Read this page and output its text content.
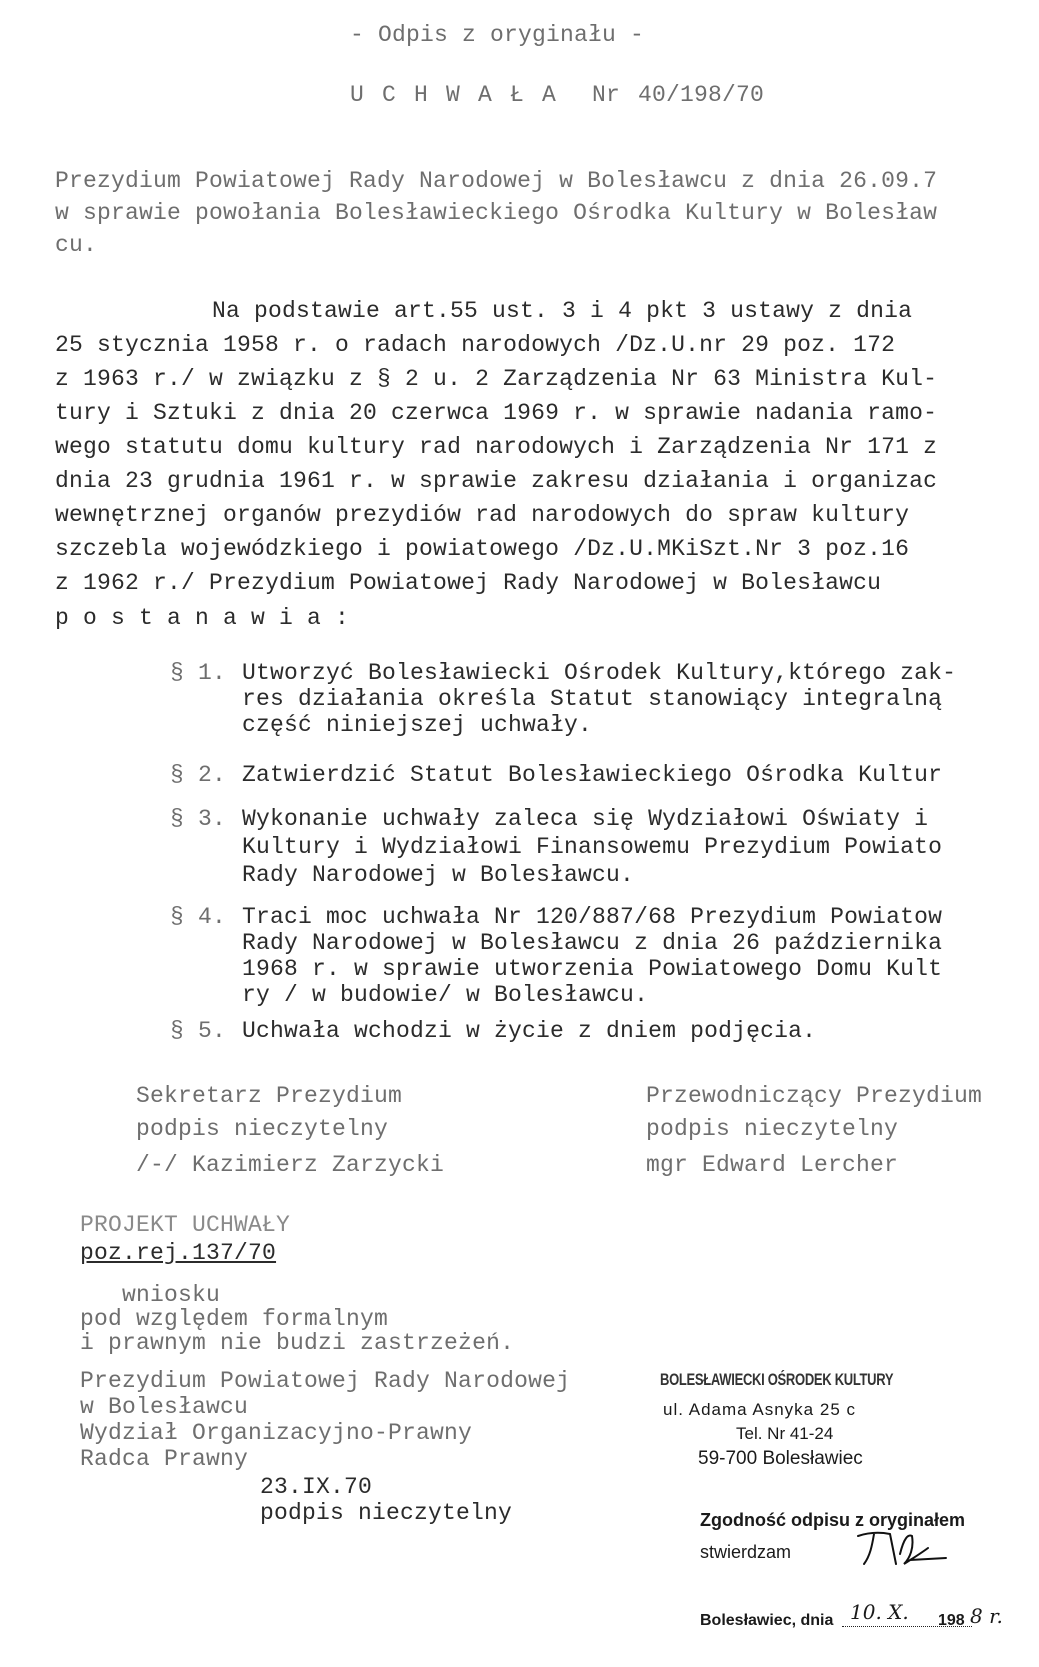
- Odpis z oryginału -
U C H W A Ł A  Nr 40/198/70
Prezydium Powiatowej Rady Narodowej w Bolesławcu z dnia 26.09.7
w sprawie powołania Bolesławieckiego Ośrodka Kultury w Bolesław
cu.
Na podstawie art.55 ust. 3 i 4 pkt 3 ustawy z dnia
25 stycznia 1958 r. o radach narodowych /Dz.U.nr 29 poz. 172
z 1963 r./ w związku z § 2 u. 2 Zarządzenia Nr 63 Ministra Kul-
tury i Sztuki z dnia 20 czerwca 1969 r. w sprawie nadania ramo-
wego statutu domu kultury rad narodowych i Zarządzenia Nr 171 z
dnia 23 grudnia 1961 r. w sprawie zakresu działania i organizac
wewnętrznej organów prezydiów rad narodowych do spraw kultury
szczebla wojewódzkiego i powiatowego /Dz.U.MKiSzt.Nr 3 poz.16
z 1962 r./ Prezydium Powiatowej Rady Narodowej w Bolesławcu
p o s t a n a w i a :
§ 1. Utworzyć Bolesławiecki Ośrodek Kultury,którego zak-
res działania określa Statut stanowiący integralną
część niniejszej uchwały.
§ 2. Zatwierdzić Statut Bolesławieckiego Ośrodka Kultur
§ 3. Wykonanie uchwały zaleca się Wydziałowi Oświaty i
Kultury i Wydziałowi Finansowemu Prezydium Powiato
Rady Narodowej w Bolesławcu.
§ 4. Traci moc uchwała Nr 120/887/68 Prezydium Powiatow
Rady Narodowej w Bolesławcu z dnia 26 października
1968 r. w sprawie utworzenia Powiatowego Domu Kult
ry / w budowie/ w Bolesławcu.
§ 5. Uchwała wchodzi w życie z dniem podjęcia.
Sekretarz Prezydium
podpis nieczytelny
/-/ Kazimierz Zarzycki
Przewodniczący Prezydium
podpis nieczytelny
mgr Edward Lercher
PROJEKT UCHWAŁY
poz.rej.137/70
wniosku
pod względem formalnym
i prawnym nie budzi zastrzeżeń.
Prezydium Powiatowej Rady Narodowej
w Bolesławcu
Wydział Organizacyjno-Prawny
Radca Prawny
23.IX.70
podpis nieczytelny
BOLESŁAWIECKI OŚRODEK KULTURY
ul. Adama Asnyka 25 c
Tel. Nr 41-24
59-700 Bolesławiec
Zgodność odpisu z oryginałem
stwierdzam
Bolesławiec, dnia 10. X. 198 8 r.
